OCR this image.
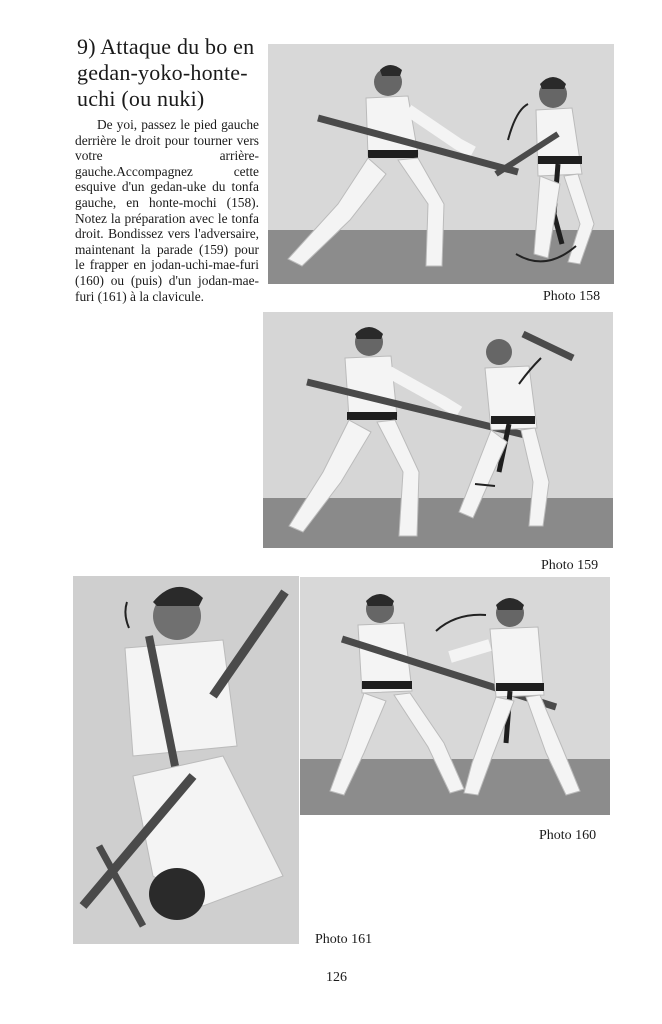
9) Attaque du bo en gedan-yoko-honte-uchi (ou nuki)

De yoi, passez le pied gauche derrière le droit pour tourner vers votre arrière-gauche.Accompagnez cette esquive d'un gedan-uke du tonfa gauche, en honte-mochi (158). Notez la préparation avec le tonfa droit. Bondissez vers l'adversaire, maintenant la parade (159) pour le frapper en jodan-uchi-mae-furi (160) ou (puis) d'un jodan-mae-furi (161) à la clavicule.	Photo 158
Photo 159
Photo 160
Photo 161
126
